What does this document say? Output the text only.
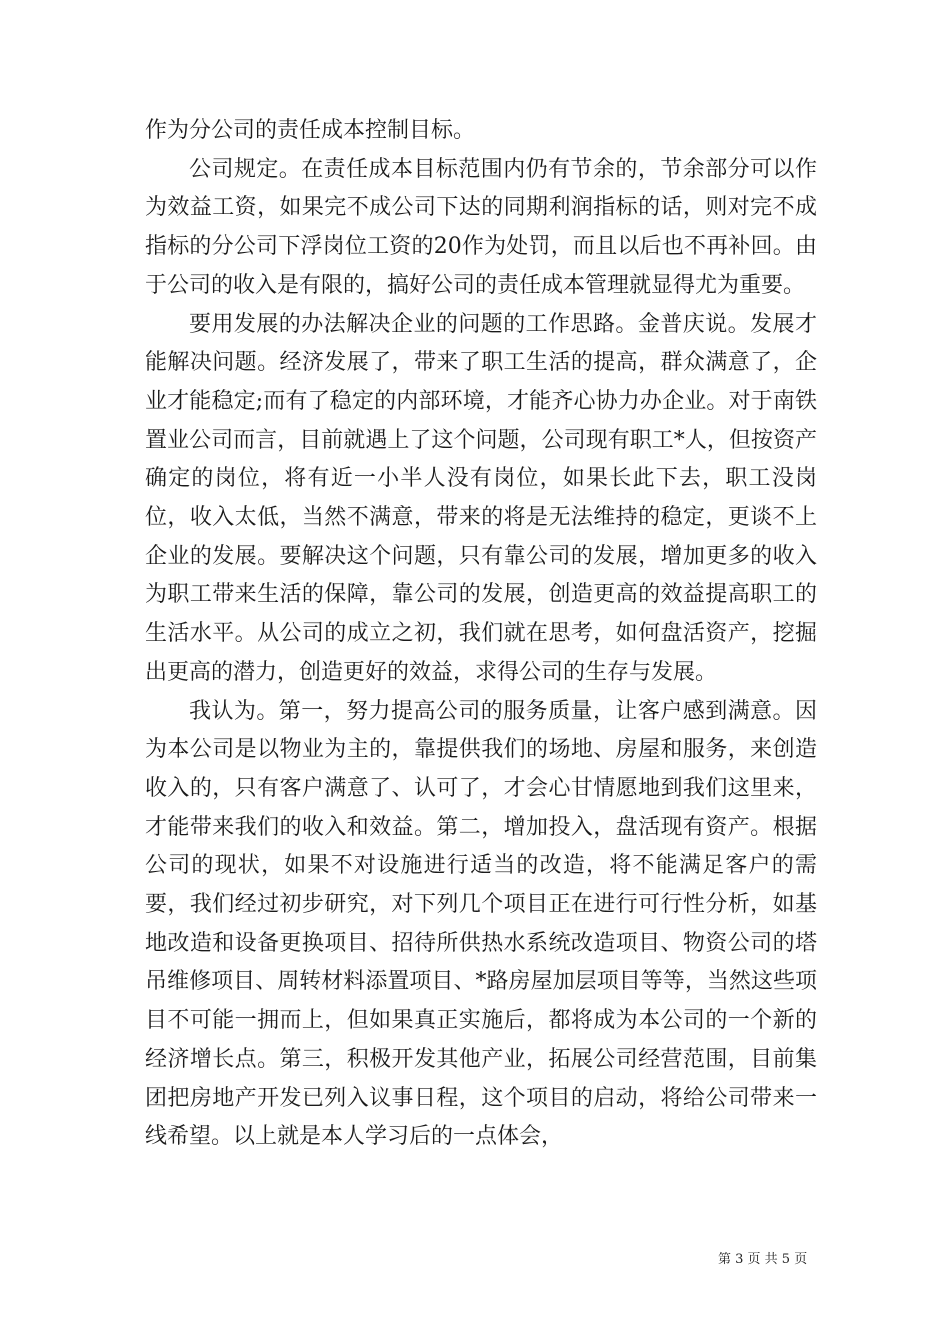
作为分公司的责任成本控制目标。

公司规定。在责任成本目标范围内仍有节余的，节余部分可以作为效益工资，如果完不成公司下达的同期利润指标的话，则对完不成指标的分公司下浮岗位工资的20作为处罚，而且以后也不再补回。由于公司的收入是有限的，搞好公司的责任成本管理就显得尤为重要。

要用发展的办法解决企业的问题的工作思路。金普庆说。发展才能解决问题。经济发展了，带来了职工生活的提高，群众满意了，企业才能稳定;而有了稳定的内部环境，才能齐心协力办企业。对于南铁置业公司而言，目前就遇上了这个问题，公司现有职工*人，但按资产确定的岗位，将有近一小半人没有岗位，如果长此下去，职工没岗位，收入太低，当然不满意，带来的将是无法维持的稳定，更谈不上企业的发展。要解决这个问题，只有靠公司的发展，增加更多的收入为职工带来生活的保障，靠公司的发展，创造更高的效益提高职工的生活水平。从公司的成立之初，我们就在思考，如何盘活资产，挖掘出更高的潜力，创造更好的效益，求得公司的生存与发展。

我认为。第一，努力提高公司的服务质量，让客户感到满意。因为本公司是以物业为主的，靠提供我们的场地、房屋和服务，来创造收入的，只有客户满意了、认可了，才会心甘情愿地到我们这里来，才能带来我们的收入和效益。第二，增加投入，盘活现有资产。根据公司的现状，如果不对设施进行适当的改造，将不能满足客户的需要，我们经过初步研究，对下列几个项目正在进行可行性分析，如基地改造和设备更换项目、招待所供热水系统改造项目、物资公司的塔吊维修项目、周转材料添置项目、*路房屋加层项目等等，当然这些项目不可能一拥而上，但如果真正实施后，都将成为本公司的一个新的经济增长点。第三，积极开发其他产业，拓展公司经营范围，目前集团把房地产开发已列入议事日程，这个项目的启动，将给公司带来一线希望。以上就是本人学习后的一点体会，

第 3 页 共 5 页
